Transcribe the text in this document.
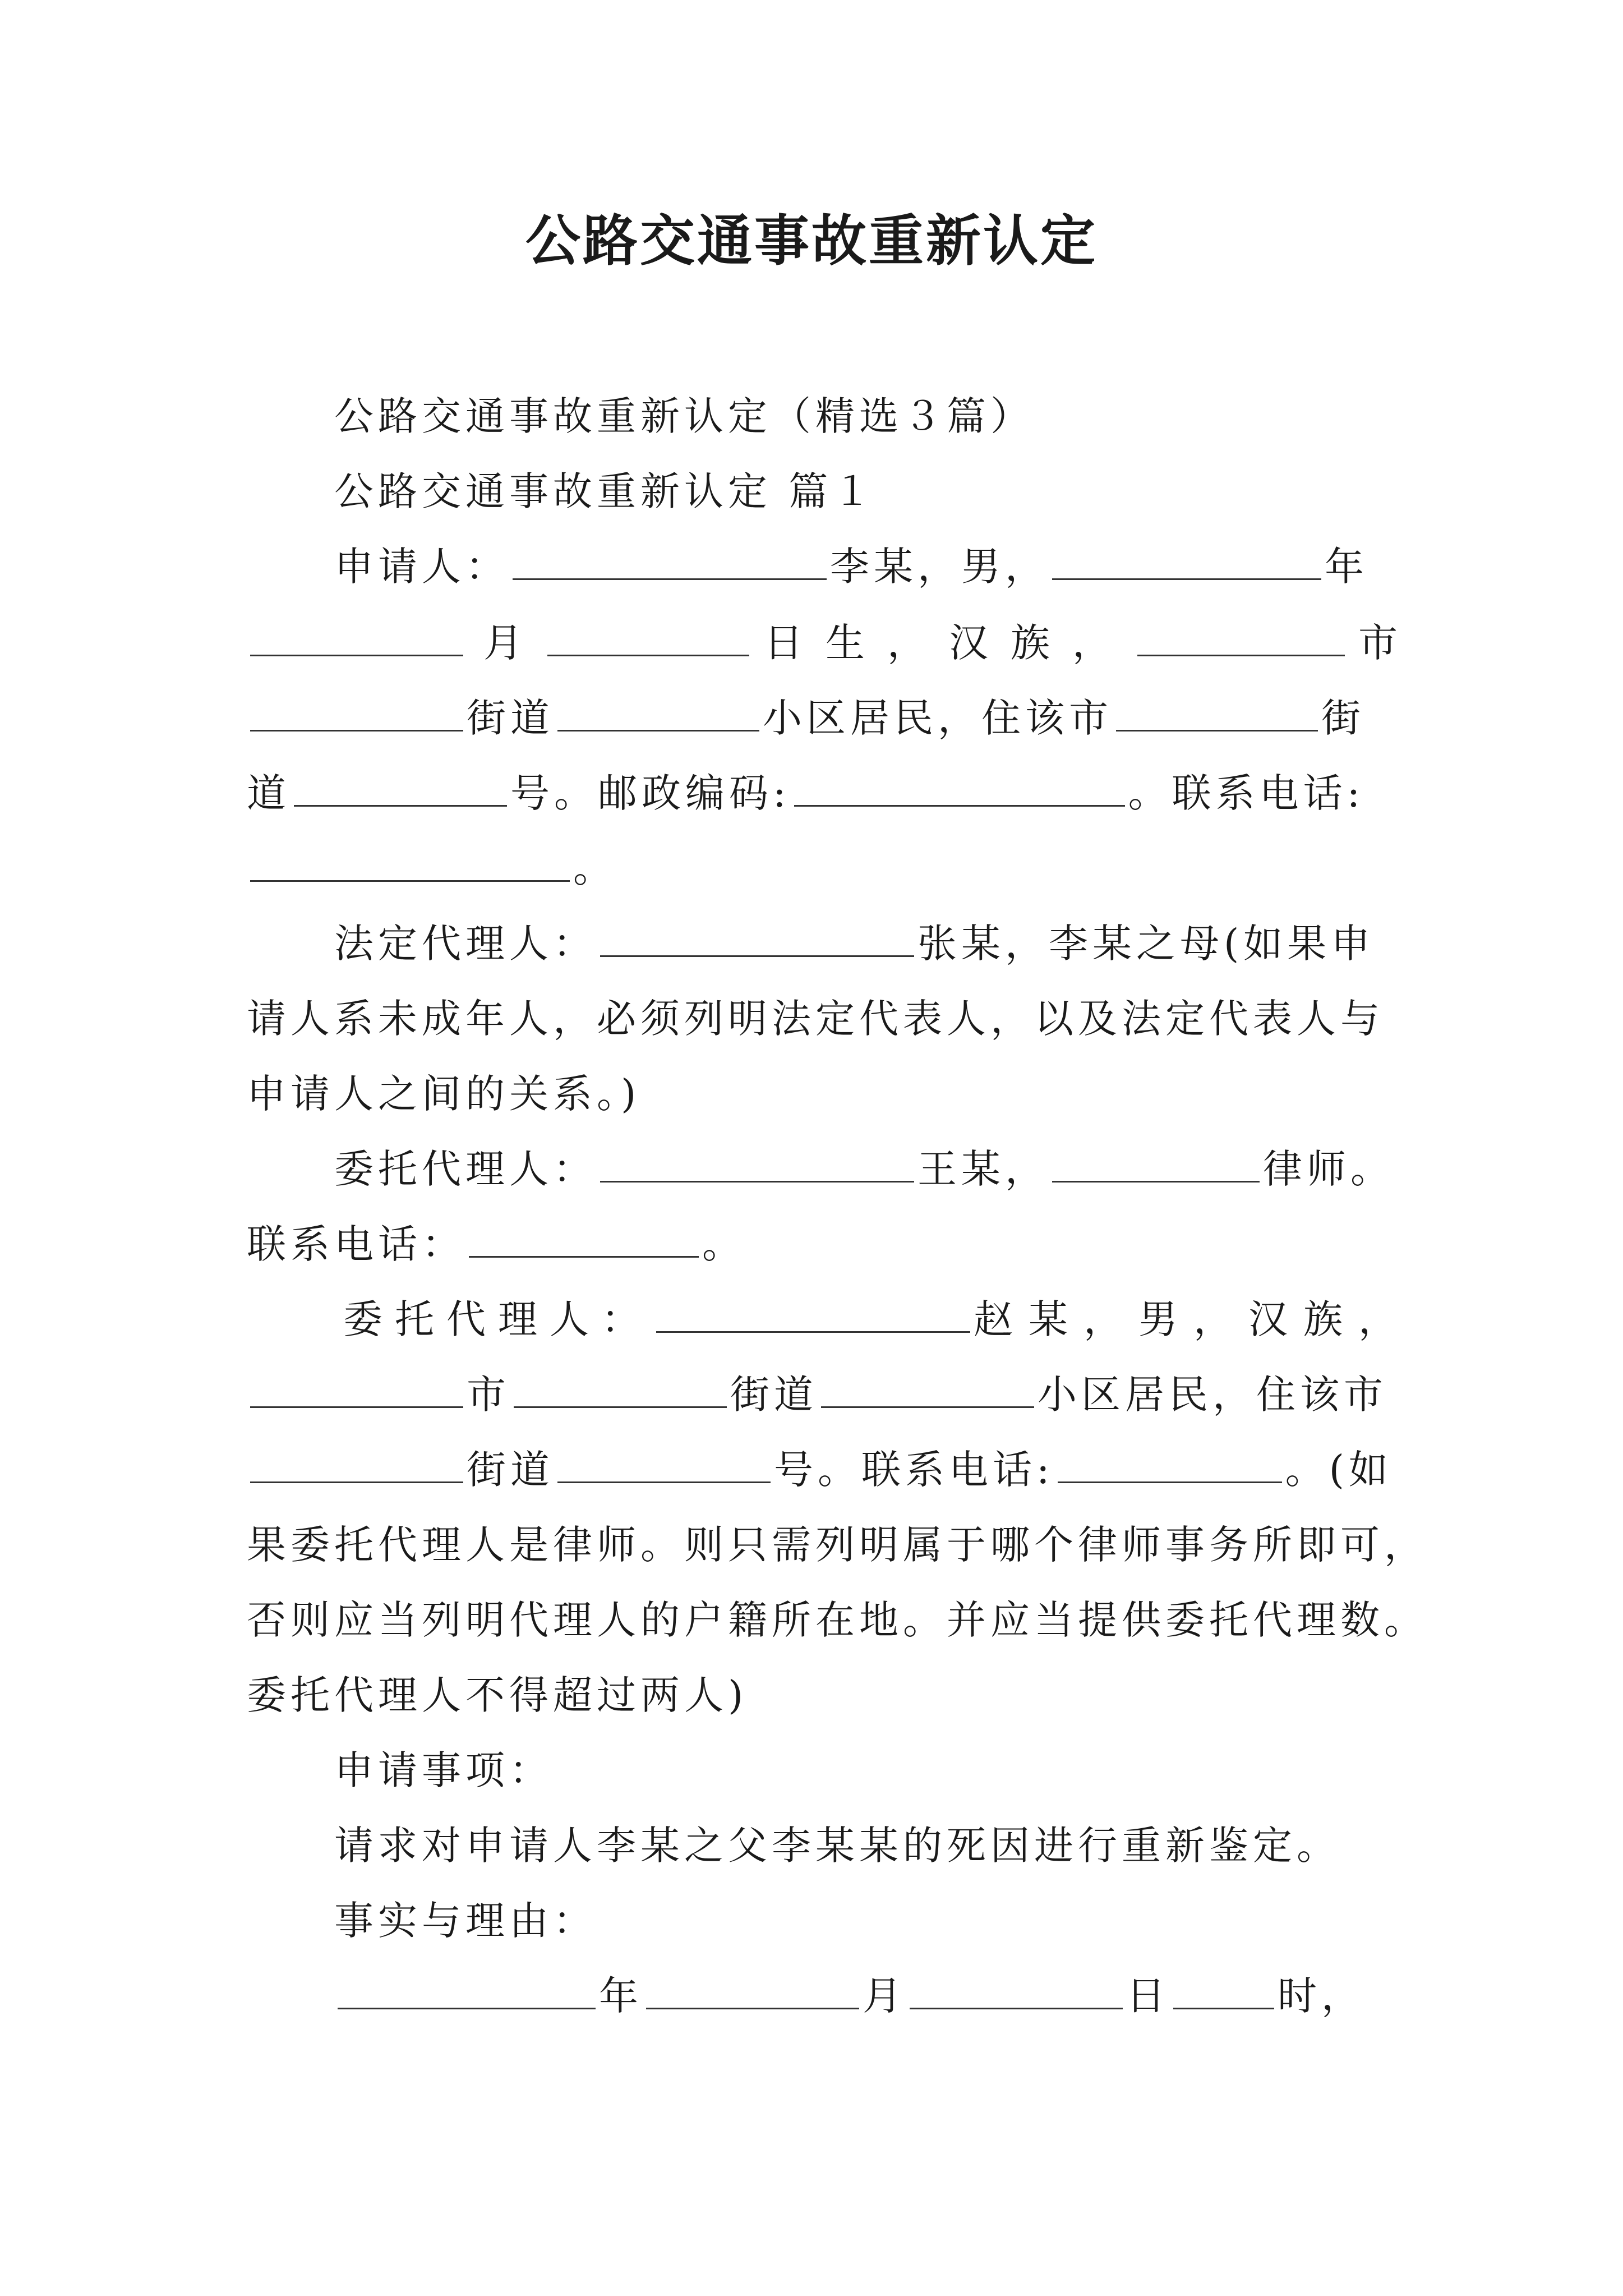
公路交通事故重新认定
公路交通事故重新认定（精选３篇）
公路交通事故重新认定 篇１
申请人：	李某，男，	年
月	日生，汉族，	市
街道	小区居民，住该市	街
道	号。邮政编码:	。联系电话:
。
法定代理人：	张某，李某之母(如果申
请人系未成年人，必须列明法定代表人，以及法定代表人与
申请人之间的关系。)
委托代理人：	王某，	律师。
联系电话：	。
委托代理人：	赵某，男，汉族，
市	街道	小区居民，住该市
街道	号。联系电话:	。(如
果委托代理人是律师。则只需列明属于哪个律师事务所即可，
否则应当列明代理人的户籍所在地。并应当提供委托代理数。
委托代理人不得超过两人)
申请事项：
请求对申请人李某之父李某某的死因进行重新鉴定。
事实与理由：
年	月	日	时，
